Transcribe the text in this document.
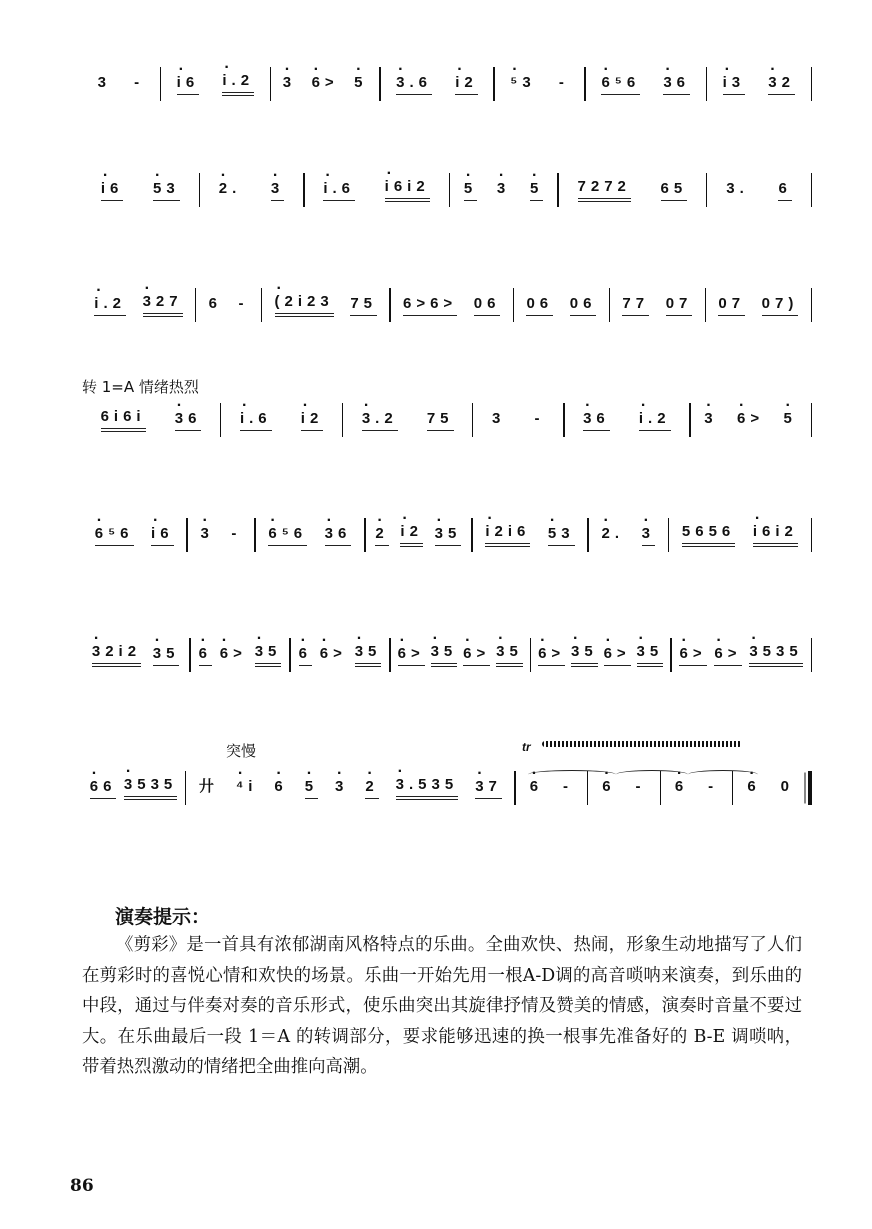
3 - · i6 · i.2 · 3 · 6> · 5 · 3.6 · i2 · ⁵3 - · 6⁵6 · 36 · i3 · 32
· i6 · 53	· 2. · 3	· i.6 · i6i2 · 5 · 3 · 5 7272 65	3. 6
· i.2 · 327 6 - · (2i23 75 6>6> 06 06 06 77 07 07 07)
转 1=A 情绪热烈
6i6i · 36	· i.6 · i2	· 3.2 75	3 -	· 36 · i.2 · 3 · 6> · 5
· 6⁵6 · i6 · 3 - · 6⁵6 · 36 · 2 · i2 · 35 · i2i6 · 53 · 2. · 3 5656 · i6i2
· 32i2 · 35 · 6 · 6> · 35 · 6 · 6> · 35 · 6> · 35 · 6> · 35 · 6> · 35 · 6> · 35 · 6> · 6> · 3535
突慢	tr
· 66 · 3535 廾 · ⁴i · 6 · 5 · 3 · 2 · 3.535 · 37 · 6 - · 6 - · 6 - · 6 0
演奏提示：
《剪彩》是一首具有浓郁湖南风格特点的乐曲。全曲欢快、热闹，形象生动地描写了人们在剪彩时的喜悦心情和欢快的场景。乐曲一开始先用一根A-D调的高音唢呐来演奏，到乐曲的中段，通过与伴奏对奏的音乐形式，使乐曲突出其旋律抒情及赞美的情感，演奏时音量不要过大。在乐曲最后一段 1＝A 的转调部分，要求能够迅速的换一根事先准备好的 B-E 调唢呐，带着热烈激动的情绪把全曲推向高潮。
86
